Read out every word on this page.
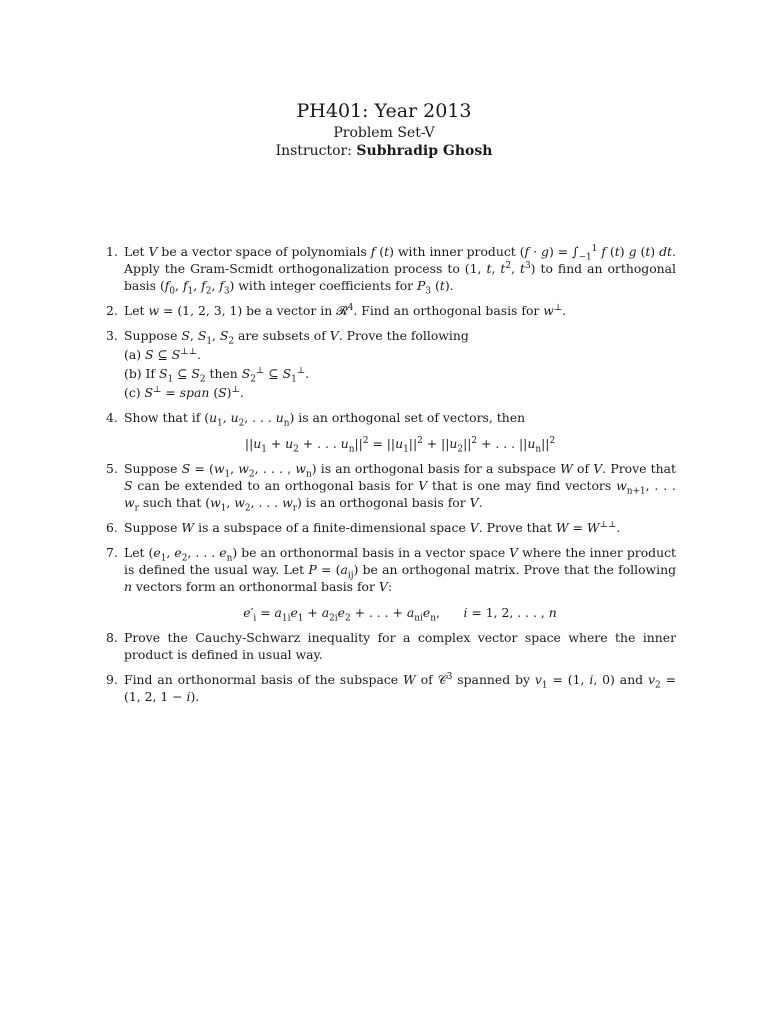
PH401: Year 2013
Problem Set-V
Instructor: Subhradip Ghosh
1. Let V be a vector space of polynomials f (t) with inner product $(f \cdot g) = \int_{-1}^1$ f (t) g (t) dt. Apply the Gram-Scmidt orthogonalization process to (1, t, $t^2$, $t^3$) to find an orthogonal basis ($f_0$, $f_1$, $f_2$, $f_3$) with integer coefficients for $P_3$ (t).
2. Let w = (1, 2, 3, 1) be a vector in 𝓡$^4$. Find an orthogonal basis for w⊥.
3. Suppose S, $S_1$, $S_2$ are subsets of V. Prove the following
(a) S ⊆ S⊥⊥.
(b) If $S_1$ ⊆ $S_2$ then $S_2^\perp$ ⊆ $S_1^\perp$.
(c) S⊥ = span (S)⊥.
4. Show that if ($u_1$, $u_2$, . . . $u_n$) is an orthogonal set of vectors, then
$||u_1 + u_2$ + . . . $u_n||^2 = ||u_1||^2 + ||u_2||^2$ + . . . $||u_n||^2$
5. Suppose $S = (w_1$, $w_2$, . . . , $w_n$) is an orthogonal basis for a subspace W of V. Prove that S can be extended to an orthogonal basis for V that is one may find vectors $w_{n+1}$, . . . $w_r$ such that ($w_1$, $w_2$, . . . $w_r$) is an orthogonal basis for V.
6. Suppose W is a subspace of a finite-dimensional space V. Prove that W = W⊥⊥.
7. Let ($e_1$, $e_2$, . . . $e_n$) be an orthonormal basis in a vector space V where the inner product is defined the usual way. Let $P = (a_{ij})$ be an orthogonal matrix. Prove that the following n vectors form an orthonormal basis for V:
$e'_i = a_{1i}e_1 + a_{2i}e_2$ + . . . + $a_{ni}e_n$,      i = 1, 2, . . . , n
8. Prove the Cauchy-Schwarz inequality for a complex vector space where the inner product is defined in usual way.
9. Find an orthonormal basis of the subspace W of 𝒞$^3$ spanned by $v_1 = (1$, i, 0) and $v_2 = (1$, 2, 1 − i).
